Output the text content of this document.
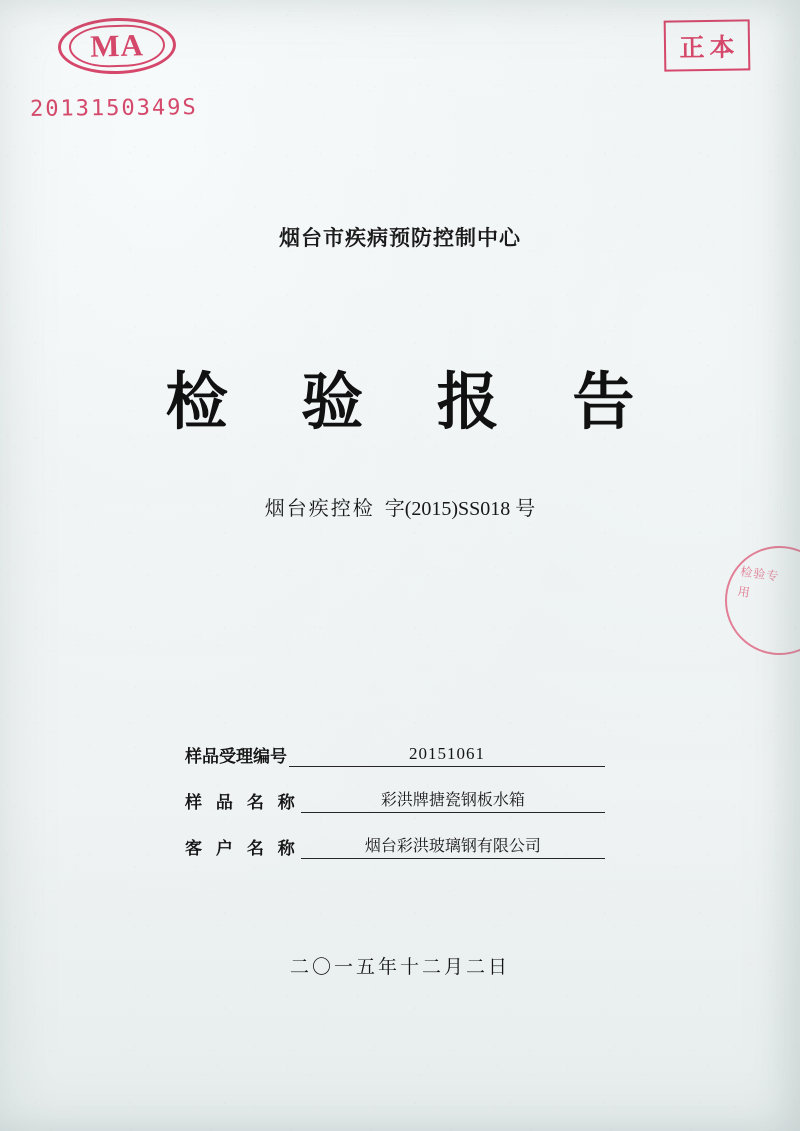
MA
2013150349S
正本
检验专用
烟台市疾病预防控制中心
检 验 报 告
烟台疾控检 字(2015)SS018 号
样品受理编号	20151061
样 品 名 称	彩洪牌搪瓷钢板水箱
客 户 名 称	烟台彩洪玻璃钢有限公司
二〇一五年十二月二日
